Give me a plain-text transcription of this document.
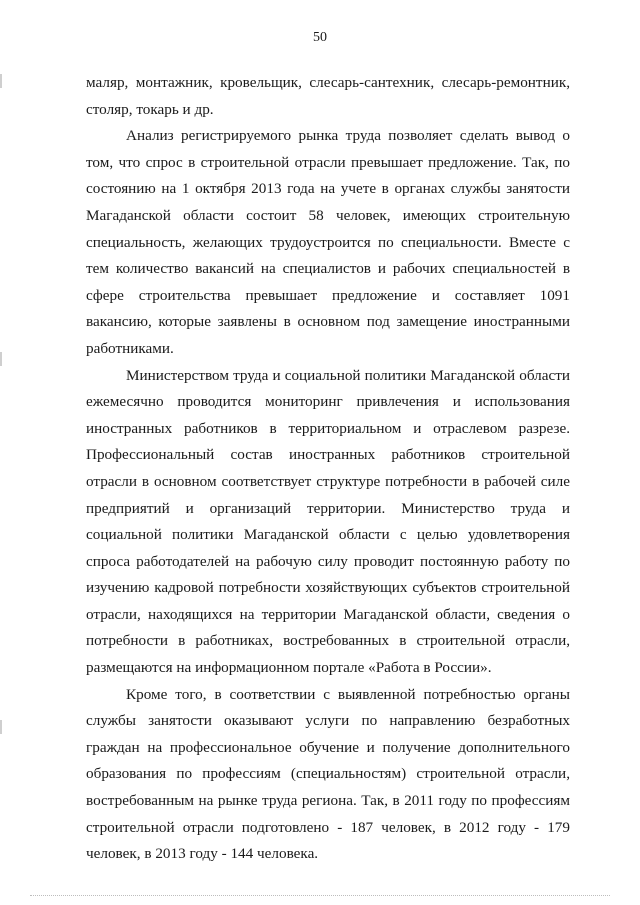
50

маляр, монтажник, кровельщик, слесарь-сантехник, слесарь-ремонтник, столяр, токарь и др.

Анализ регистрируемого рынка труда позволяет сделать вывод о том, что спрос в строительной отрасли превышает предложение. Так, по состоянию на 1 октября 2013 года на учете в органах службы занятости Магаданской области состоит 58 человек, имеющих строительную специальность, желающих трудоустроится по специальности. Вместе с тем количество вакансий на специалистов и рабочих специальностей в сфере строительства превышает предложение и составляет 1091 вакансию, которые заявлены в основном под замещение иностранными работниками.

Министерством труда и социальной политики Магаданской области ежемесячно проводится мониторинг привлечения и использования иностранных работников в территориальном и отраслевом разрезе. Профессиональный состав иностранных работников строительной отрасли в основном соответствует структуре потребности в рабочей силе предприятий и организаций территории. Министерство труда и социальной политики Магаданской области с целью удовлетворения спроса работодателей на рабочую силу проводит постоянную работу по изучению кадровой потребности хозяйствующих субъектов строительной отрасли, находящихся на территории Магаданской области, сведения о потребности в работниках, востребованных в строительной отрасли, размещаются на информационном портале «Работа в России».

Кроме того, в соответствии с выявленной потребностью органы службы занятости оказывают услуги по направлению безработных граждан на профессиональное обучение и получение дополнительного образования по профессиям (специальностям) строительной отрасли, востребованным на рынке труда региона. Так, в 2011 году по профессиям строительной отрасли подготовлено - 187 человек, в 2012 году - 179 человек, в 2013 году - 144 человека.
